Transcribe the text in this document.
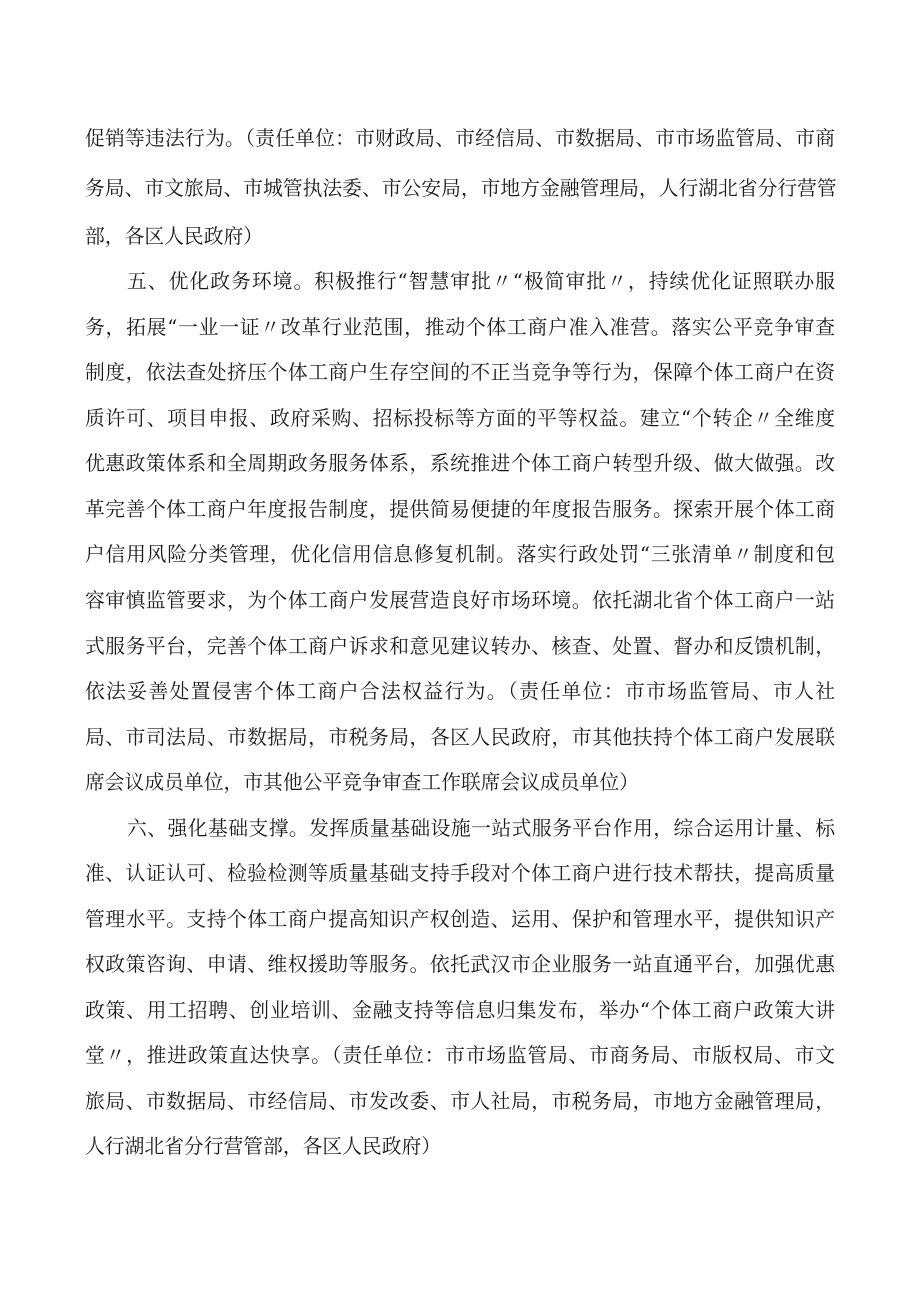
促销等违法行为。（责任单位：市财政局、市经信局、市数据局、市市场监管局、市商

务局、市文旅局、市城管执法委、市公安局，市地方金融管理局，人行湖北省分行营管

部，各区人民政府）

五、优化政务环境。积极推行“智慧审批〃“极简审批〃，持续优化证照联办服

务，拓展“一业一证〃改革行业范围，推动个体工商户准入准营。落实公平竞争审查

制度，依法查处挤压个体工商户生存空间的不正当竞争等行为，保障个体工商户在资

质许可、项目申报、政府采购、招标投标等方面的平等权益。建立“个转企〃全维度

优惠政策体系和全周期政务服务体系，系统推进个体工商户转型升级、做大做强。改

革完善个体工商户年度报告制度，提供简易便捷的年度报告服务。探索开展个体工商

户信用风险分类管理，优化信用信息修复机制。落实行政处罚“三张清单〃制度和包

容审慎监管要求，为个体工商户发展营造良好市场环境。依托湖北省个体工商户一站

式服务平台，完善个体工商户诉求和意见建议转办、核查、处置、督办和反馈机制，

依法妥善处置侵害个体工商户合法权益行为。（责任单位：市市场监管局、市人社

局、市司法局、市数据局，市税务局，各区人民政府，市其他扶持个体工商户发展联

席会议成员单位，市其他公平竞争审查工作联席会议成员单位）

六、强化基础支撑。发挥质量基础设施一站式服务平台作用，综合运用计量、标

准、认证认可、检验检测等质量基础支持手段对个体工商户进行技术帮扶，提高质量

管理水平。支持个体工商户提高知识产权创造、运用、保护和管理水平，提供知识产

权政策咨询、申请、维权援助等服务。依托武汉市企业服务一站直通平台，加强优惠

政策、用工招聘、创业培训、金融支持等信息归集发布，举办“个体工商户政策大讲

堂〃，推进政策直达快享。（责任单位：市市场监管局、市商务局、市版权局、市文

旅局、市数据局、市经信局、市发改委、市人社局，市税务局，市地方金融管理局，

人行湖北省分行营管部，各区人民政府）
